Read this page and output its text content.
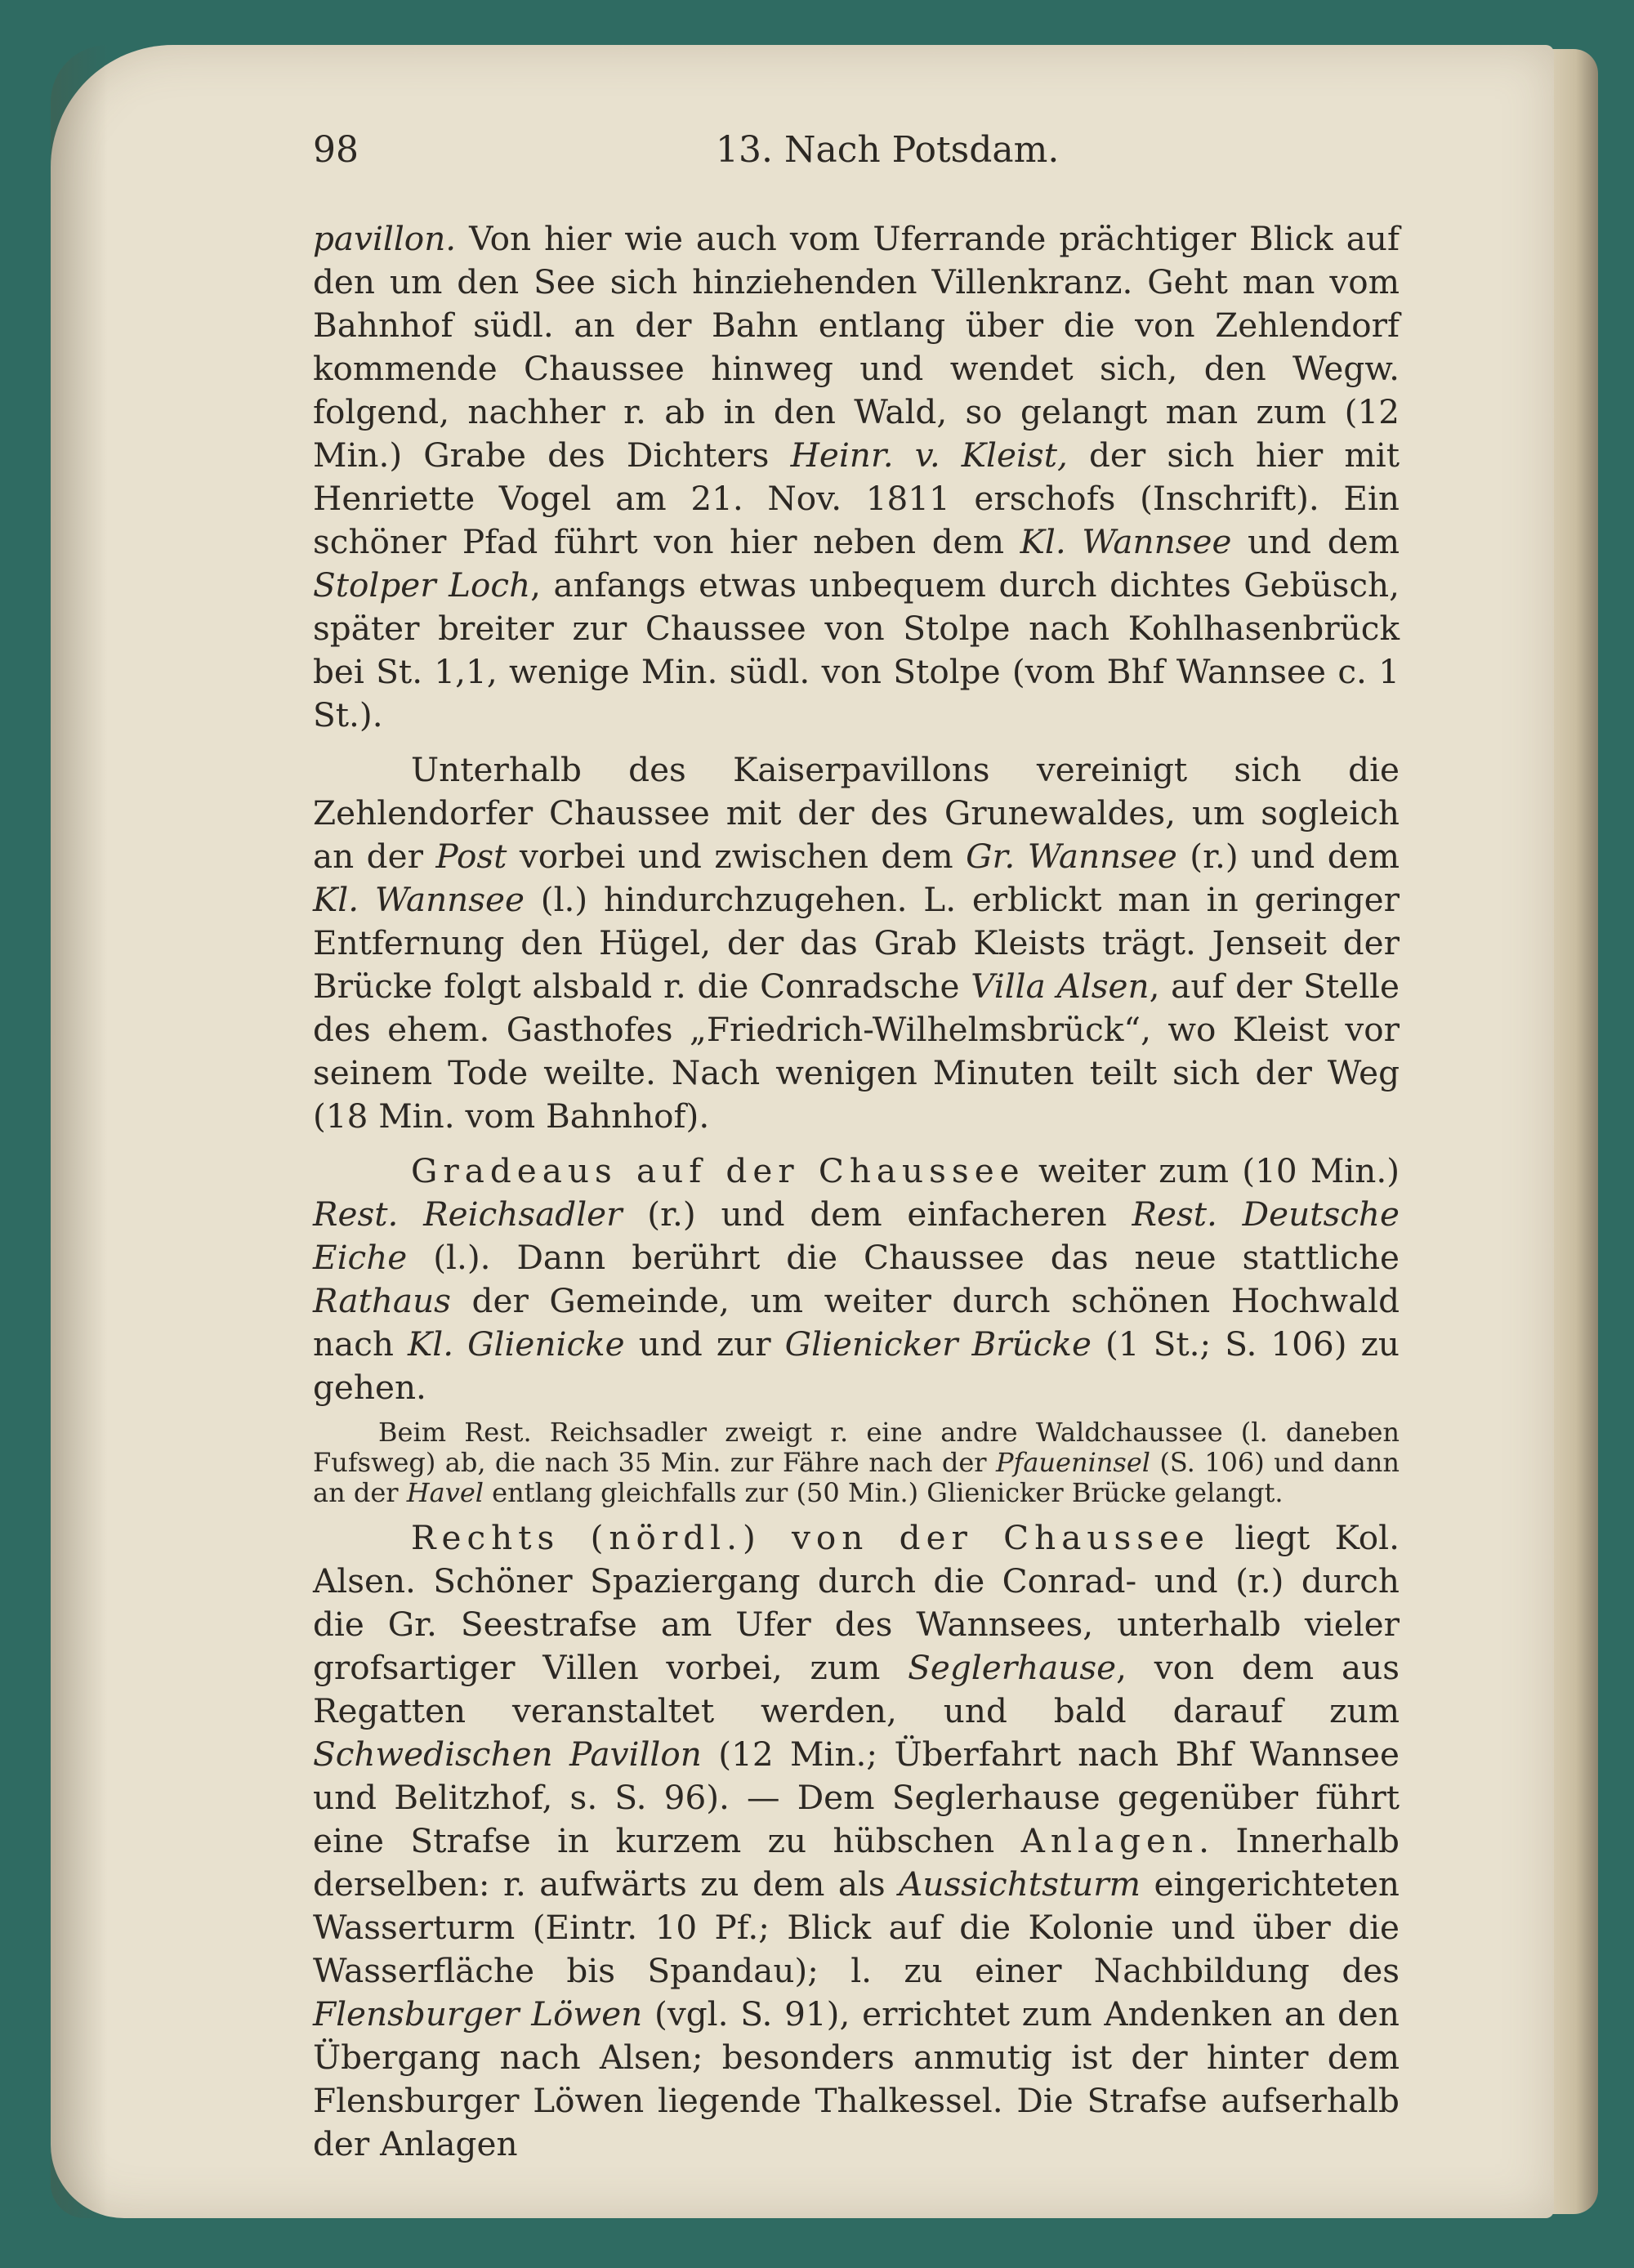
98	13. Nach Potsdam.

pavillon. Von hier wie auch vom Uferrande prächtiger Blick auf den um den See sich hinziehenden Villenkranz. Geht man vom Bahnhof südl. an der Bahn entlang über die von Zehlendorf kommende Chaussee hinweg und wendet sich, den Wegw. folgend, nachher r. ab in den Wald, so gelangt man zum (12 Min.) Grabe des Dichters Heinr. v. Kleist, der sich hier mit Henriette Vogel am 21. Nov. 1811 erschofs (Inschrift). Ein schöner Pfad führt von hier neben dem Kl. Wannsee und dem Stolper Loch, anfangs etwas unbequem durch dichtes Gebüsch, später breiter zur Chaussee von Stolpe nach Kohlhasenbrück bei St. 1,1, wenige Min. südl. von Stolpe (vom Bhf Wannsee c. 1 St.).

Unterhalb des Kaiserpavillons vereinigt sich die Zehlendorfer Chaussee mit der des Grunewaldes, um sogleich an der Post vorbei und zwischen dem Gr. Wannsee (r.) und dem Kl. Wannsee (l.) hindurchzugehen. L. erblickt man in geringer Entfernung den Hügel, der das Grab Kleists trägt. Jenseit der Brücke folgt alsbald r. die Conradsche Villa Alsen, auf der Stelle des ehem. Gasthofes „Friedrich-Wilhelmsbrück“, wo Kleist vor seinem Tode weilte. Nach wenigen Minuten teilt sich der Weg (18 Min. vom Bahnhof).

Gradeaus auf der Chaussee weiter zum (10 Min.) Rest. Reichsadler (r.) und dem einfacheren Rest. Deutsche Eiche (l.). Dann berührt die Chaussee das neue stattliche Rathaus der Gemeinde, um weiter durch schönen Hochwald nach Kl. Glienicke und zur Glienicker Brücke (1 St.; S. 106) zu gehen.

Beim Rest. Reichsadler zweigt r. eine andre Waldchaussee (l. daneben Fufsweg) ab, die nach 35 Min. zur Fähre nach der Pfaueninsel (S. 106) und dann an der Havel entlang gleichfalls zur (50 Min.) Glienicker Brücke gelangt.

Rechts (nördl.) von der Chaussee liegt Kol. Alsen. Schöner Spaziergang durch die Conrad- und (r.) durch die Gr. Seestrafse am Ufer des Wannsees, unterhalb vieler grofsartiger Villen vorbei, zum Seglerhause, von dem aus Regatten veranstaltet werden, und bald darauf zum Schwedischen Pavillon (12 Min.; Überfahrt nach Bhf Wannsee und Belitzhof, s. S. 96). — Dem Seglerhause gegenüber führt eine Strafse in kurzem zu hübschen Anlagen. Innerhalb derselben: r. aufwärts zu dem als Aussichtsturm eingerichteten Wasserturm (Eintr. 10 Pf.; Blick auf die Kolonie und über die Wasserfläche bis Spandau); l. zu einer Nachbildung des Flensburger Löwen (vgl. S. 91), errichtet zum Andenken an den Übergang nach Alsen; besonders anmutig ist der hinter dem Flensburger Löwen liegende Thalkessel. Die Strafse aufserhalb der Anlagen
